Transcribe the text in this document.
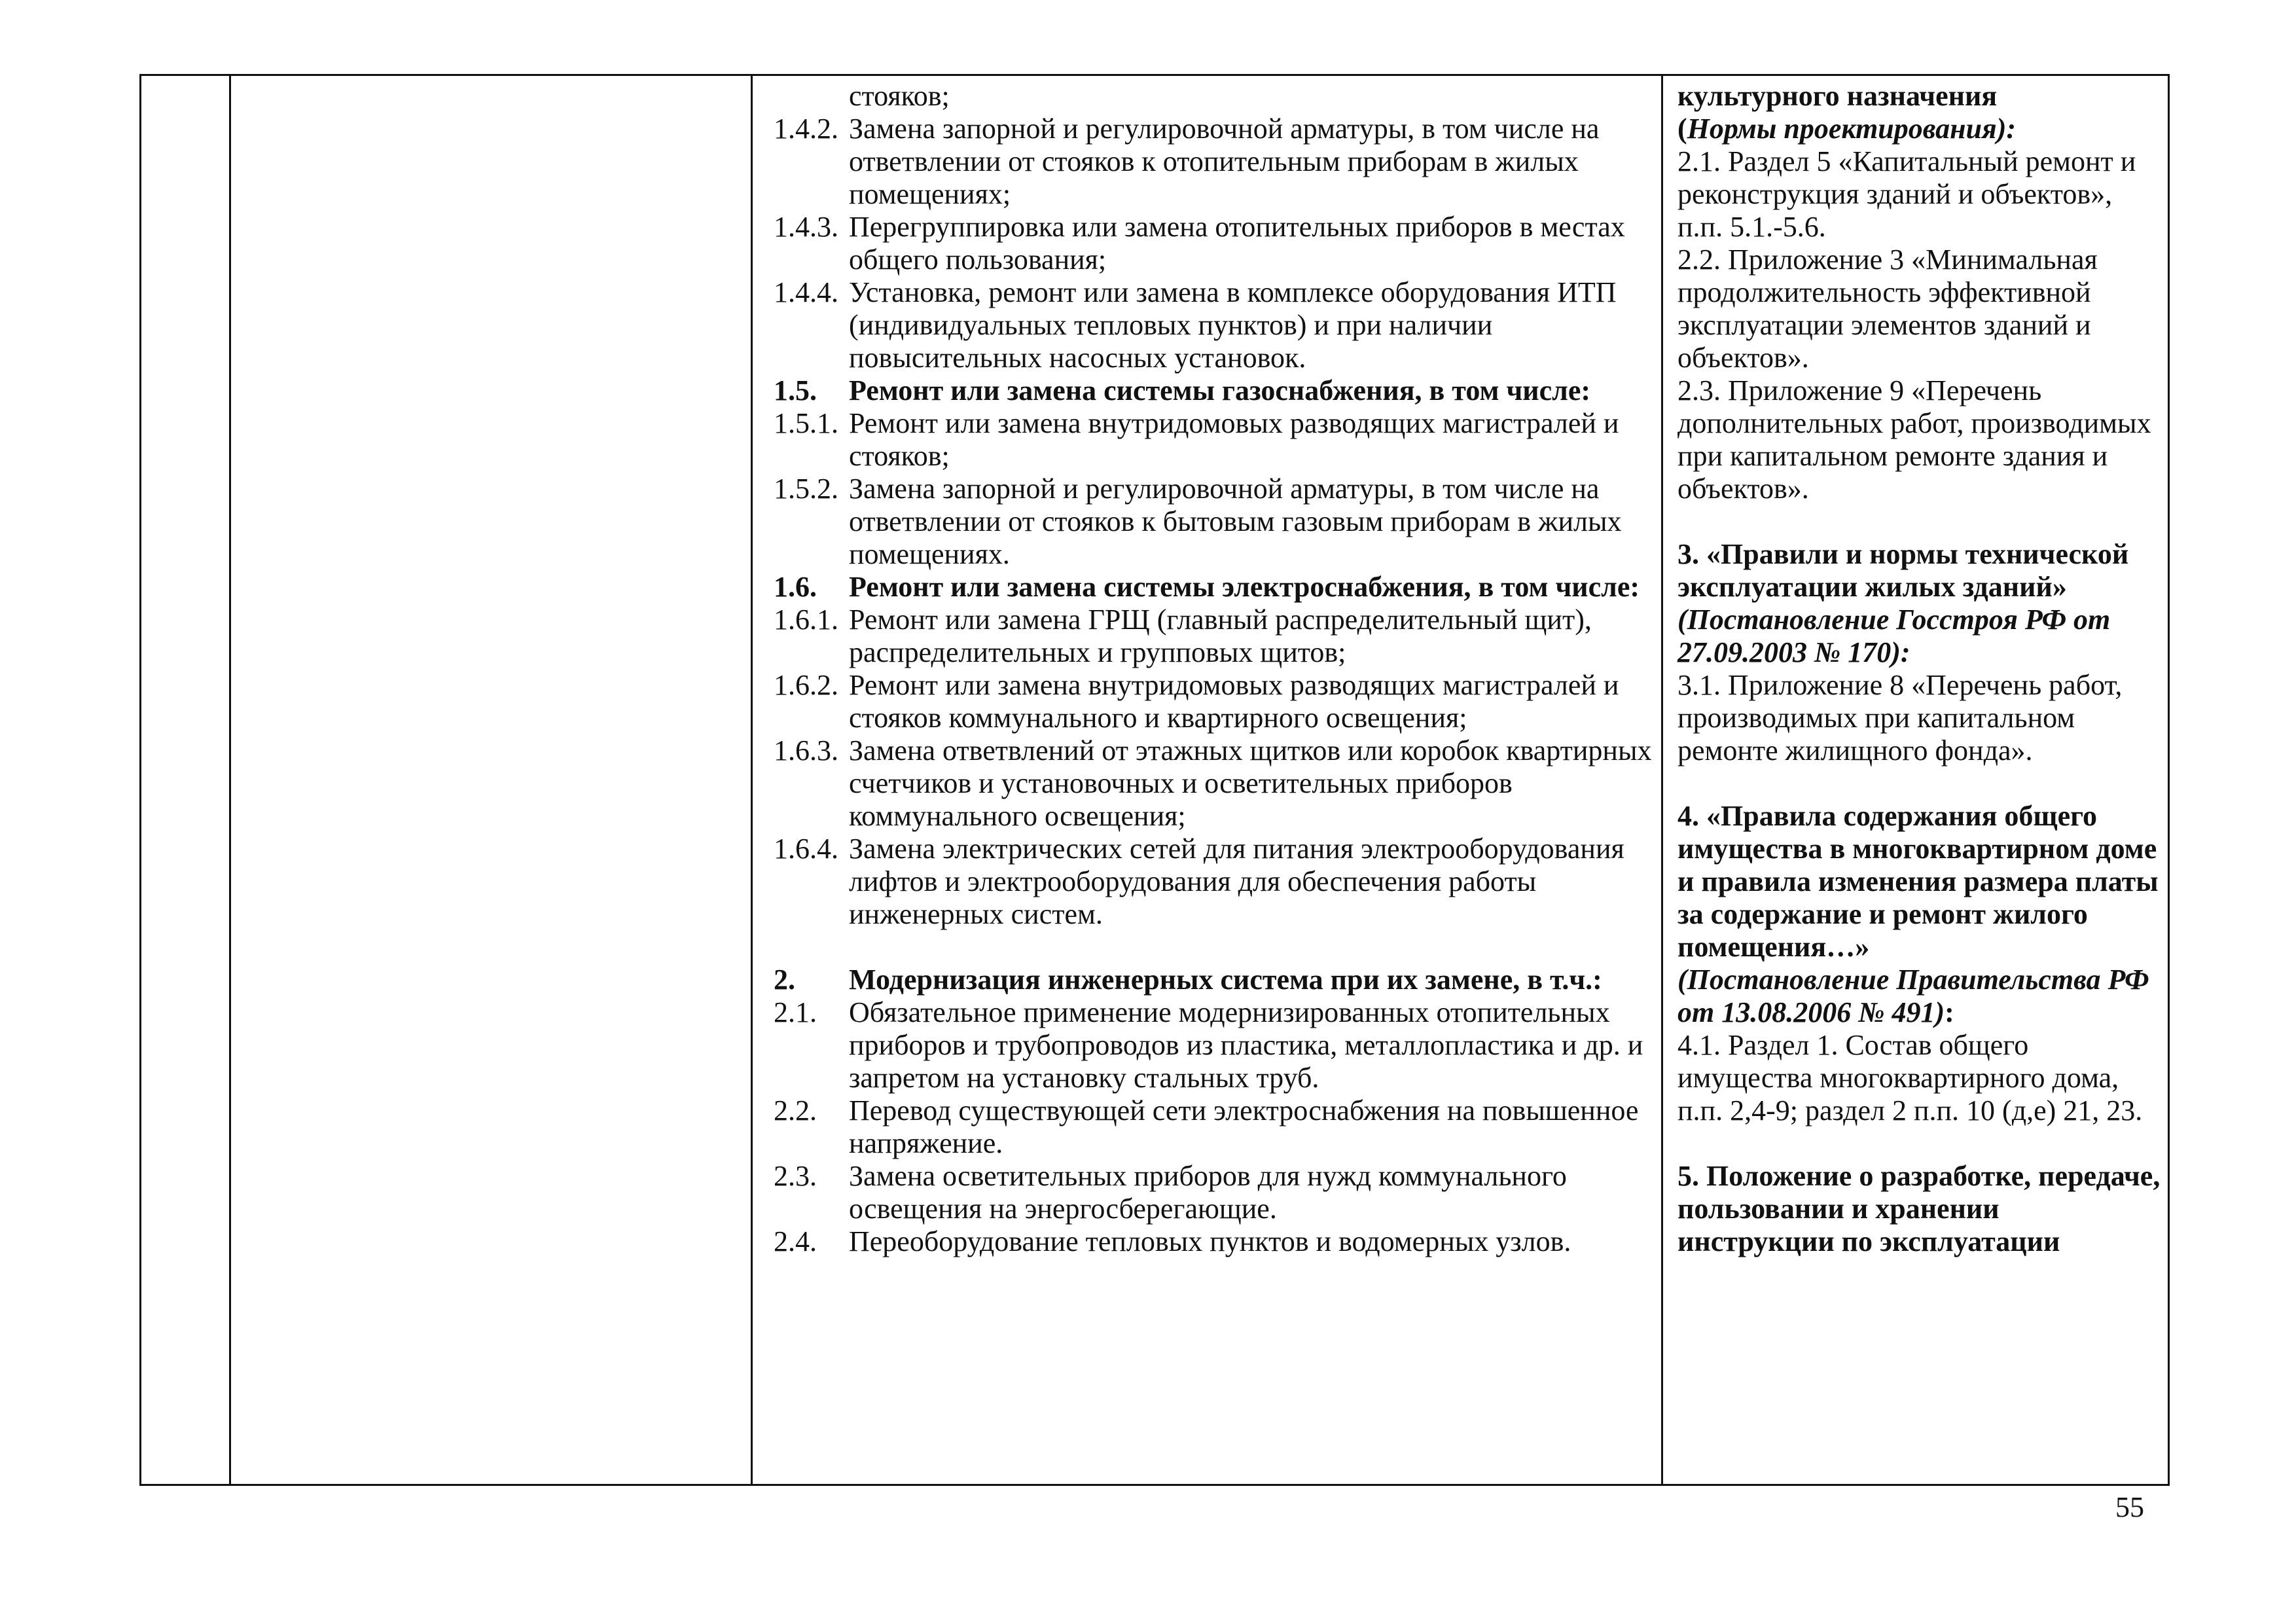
стояков;
1.4.2. Замена запорной и регулировочной арматуры, в том числе на ответвлении от стояков к отопительным приборам в жилых помещениях;
1.4.3. Перегруппировка или замена отопительных приборов в местах общего пользования;
1.4.4. Установка, ремонт или замена в комплексе оборудования ИТП (индивидуальных тепловых пунктов) и при наличии повысительных насосных установок.
1.5.	Ремонт или замена системы газоснабжения, в том числе:
1.5.1. Ремонт или замена внутридомовых разводящих магистралей и стояков;
1.5.2. Замена запорной и регулировочной арматуры, в том числе на ответвлении от стояков к бытовым газовым приборам в жилых помещениях.
1.6.	Ремонт или замена системы электроснабжения, в том числе:
1.6.1. Ремонт или замена ГРЩ (главный распределительный щит), распределительных и групповых щитов;
1.6.2. Ремонт или замена внутридомовых разводящих магистралей и стояков коммунального и квартирного освещения;
1.6.3. Замена ответвлений от этажных щитков или коробок квартирных счетчиков и установочных и осветительных приборов коммунального освещения;
1.6.4. Замена электрических сетей для питания электрооборудования лифтов и электрооборудования для обеспечения работы инженерных систем.
2.	Модернизация инженерных система при их замене, в т.ч.:
2.1.	Обязательное применение модернизированных отопительных приборов и трубопроводов из пластика, металлопластика и др. и запретом на установку стальных труб.
2.2.	Перевод существующей сети электроснабжения на повышенное напряжение.
2.3.	Замена осветительных приборов для нужд коммунального освещения на энергосберегающие.
2.4.	Переоборудование тепловых пунктов и водомерных узлов.

культурного назначения

(Нормы проектирования):

2.1. Раздел 5 «Капитальный ремонт и реконструкция зданий и объектов», п.п. 5.1.-5.6.

2.2. Приложение 3 «Минимальная продолжительность эффективной эксплуатации элементов зданий и объектов».

2.3. Приложение 9 «Перечень дополнительных работ, производимых при капитальном ремонте здания и объектов».

3. «Правили и нормы технической эксплуатации жилых зданий»

(Постановление Госстроя РФ от 27.09.2003 № 170):

3.1. Приложение 8 «Перечень работ, производимых при капитальном ремонте жилищного фонда».

4. «Правила содержания общего имущества в многоквартирном доме и правила изменения размера платы за содержание и ремонт жилого помещения…»

(Постановление Правительства РФ от 13.08.2006 № 491):

4.1. Раздел 1. Состав общего имущества многоквартирного дома, п.п. 2,4-9; раздел 2 п.п. 10 (д,е) 21, 23.

5. Положение о разработке, передаче, пользовании и хранении инструкции по эксплуатации

55
